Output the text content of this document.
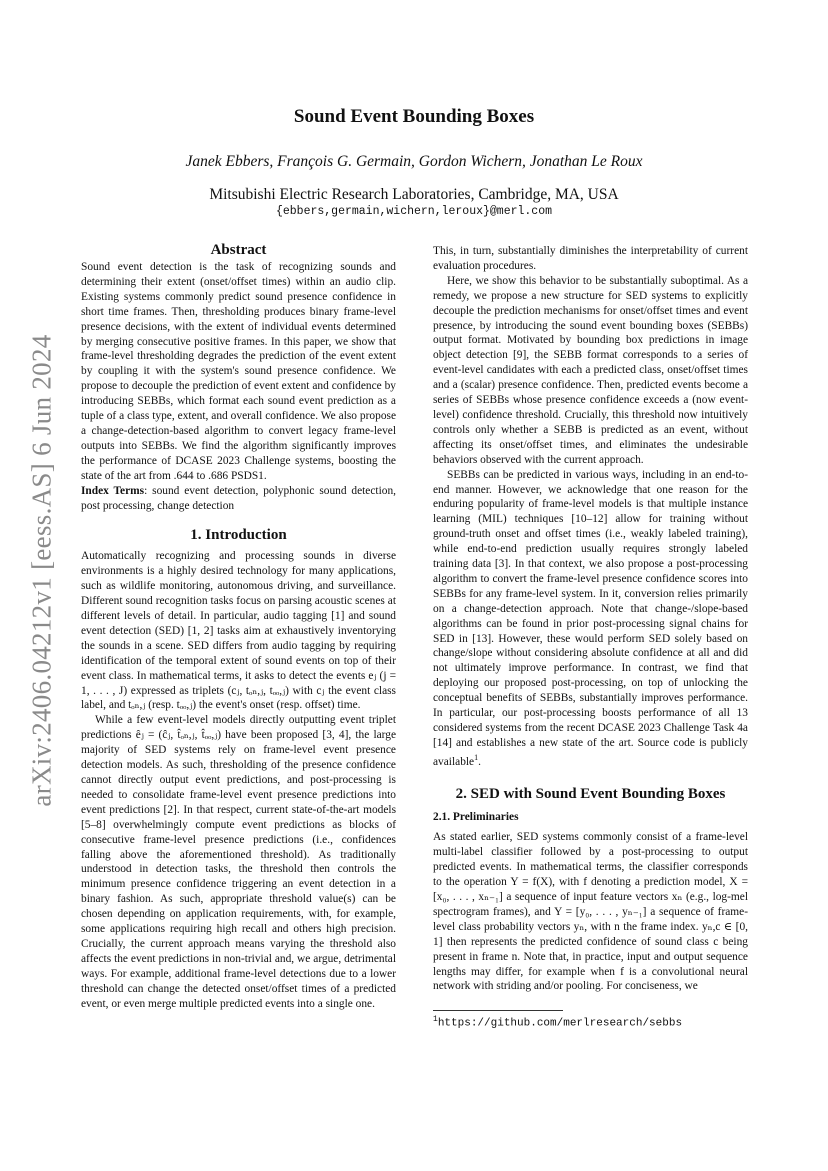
arXiv:2406.04212v1 [eess.AS] 6 Jun 2024
Sound Event Bounding Boxes
Janek Ebbers, François G. Germain, Gordon Wichern, Jonathan Le Roux
Mitsubishi Electric Research Laboratories, Cambridge, MA, USA
{ebbers,germain,wichern,leroux}@merl.com
Abstract

Sound event detection is the task of recognizing sounds and determining their extent (onset/offset times) within an audio clip. Existing systems commonly predict sound presence confidence in short time frames. Then, thresholding produces binary frame-level presence decisions, with the extent of individual events determined by merging consecutive positive frames. In this paper, we show that frame-level thresholding degrades the prediction of the event extent by coupling it with the system's sound presence confidence. We propose to decouple the prediction of event extent and confidence by introducing SEBBs, which format each sound event prediction as a tuple of a class type, extent, and overall confidence. We also propose a change-detection-based algorithm to convert legacy frame-level outputs into SEBBs. We find the algorithm significantly improves the performance of DCASE 2023 Challenge systems, boosting the state of the art from .644 to .686 PSDS1.

Index Terms: sound event detection, polyphonic sound detection, post processing, change detection

1. Introduction

Automatically recognizing and processing sounds in diverse environments is a highly desired technology for many applications, such as wildlife monitoring, autonomous driving, and surveillance. Different sound recognition tasks focus on parsing acoustic scenes at different levels of detail. In particular, audio tagging [1] and sound event detection (SED) [1, 2] tasks aim at exhaustively inventorying the sounds in a scene. SED differs from audio tagging by requiring identification of the temporal extent of sound events on top of their event class. In mathematical terms, it asks to detect the events eⱼ (j = 1, . . . , J) expressed as triplets (cⱼ, tₒₙ,ⱼ, tₒₒ,ⱼ) with cⱼ the event class label, and tₒₙ,ⱼ (resp. tₒₒ,ⱼ) the event's onset (resp. offset) time.

While a few event-level models directly outputting event triplet predictions êⱼ = (ĉⱼ, t̂ₒₙ,ⱼ, t̂ₒₒ,ⱼ) have been proposed [3, 4], the large majority of SED systems rely on frame-level event presence detection models. As such, thresholding of the presence confidence cannot directly output event predictions, and post-processing is needed to consolidate frame-level event presence predictions into event predictions [2]. In that respect, current state-of-the-art models [5–8] overwhelmingly compute event predictions as blocks of consecutive frame-level presence predictions (i.e., confidences falling above the aforementioned threshold). As traditionally understood in detection tasks, the threshold then controls the minimum presence confidence triggering an event detection in a binary fashion. As such, appropriate threshold value(s) can be chosen depending on application requirements, with, for example, some applications requiring high recall and others high precision. Crucially, the current approach means varying the threshold also affects the event predictions in non-trivial and, we argue, detrimental ways. For example, additional frame-level detections due to a lower threshold can change the detected onset/offset times of a predicted event, or even merge multiple predicted events into a single one.

This, in turn, substantially diminishes the interpretability of current evaluation procedures.

Here, we show this behavior to be substantially suboptimal. As a remedy, we propose a new structure for SED systems to explicitly decouple the prediction mechanisms for onset/offset times and event presence, by introducing the sound event bounding boxes (SEBBs) output format. Motivated by bounding box predictions in image object detection [9], the SEBB format corresponds to a series of event-level candidates with each a predicted class, onset/offset times and a (scalar) presence confidence. Then, predicted events become a series of SEBBs whose presence confidence exceeds a (now event-level) confidence threshold. Crucially, this threshold now intuitively controls only whether a SEBB is predicted as an event, without affecting its onset/offset times, and eliminates the undesirable behaviors observed with the current approach.

SEBBs can be predicted in various ways, including in an end-to-end manner. However, we acknowledge that one reason for the enduring popularity of frame-level models is that multiple instance learning (MIL) techniques [10–12] allow for training without ground-truth onset and offset times (i.e., weakly labeled training), while end-to-end prediction usually requires strongly labeled training data [3]. In that context, we also propose a post-processing algorithm to convert the frame-level presence confidence scores into SEBBs for any frame-level system. In it, conversion relies primarily on a change-detection approach. Note that change-/slope-based algorithms can be found in prior post-processing signal chains for SED in [13]. However, these would perform SED solely based on change/slope without considering absolute confidence at all and did not ultimately improve performance. In contrast, we find that deploying our proposed post-processing, on top of unlocking the conceptual benefits of SEBBs, substantially improves performance. In particular, our post-processing boosts performance of all 13 considered systems from the recent DCASE 2023 Challenge Task 4a [14] and establishes a new state of the art. Source code is publicly available$^1$.

2. SED with Sound Event Bounding Boxes
2.1. Preliminaries

As stated earlier, SED systems commonly consist of a frame-level multi-label classifier followed by a post-processing to output predicted events. In mathematical terms, the classifier corresponds to the operation Y = f(X), with f denoting a prediction model, X = [x₀, . . . , xₙ₋₁] a sequence of input feature vectors xₙ (e.g., log-mel spectrogram frames), and Y = [y₀, . . . , yₙ₋₁] a sequence of frame-level class probability vectors yₙ, with n the frame index. yₙ,c ∈ [0, 1] then represents the predicted confidence of sound class c being present in frame n. Note that, in practice, input and output sequence lengths may differ, for example when f is a convolutional neural network with striding and/or pooling. For conciseness, we

$^1$https://github.com/merlresearch/sebbs
